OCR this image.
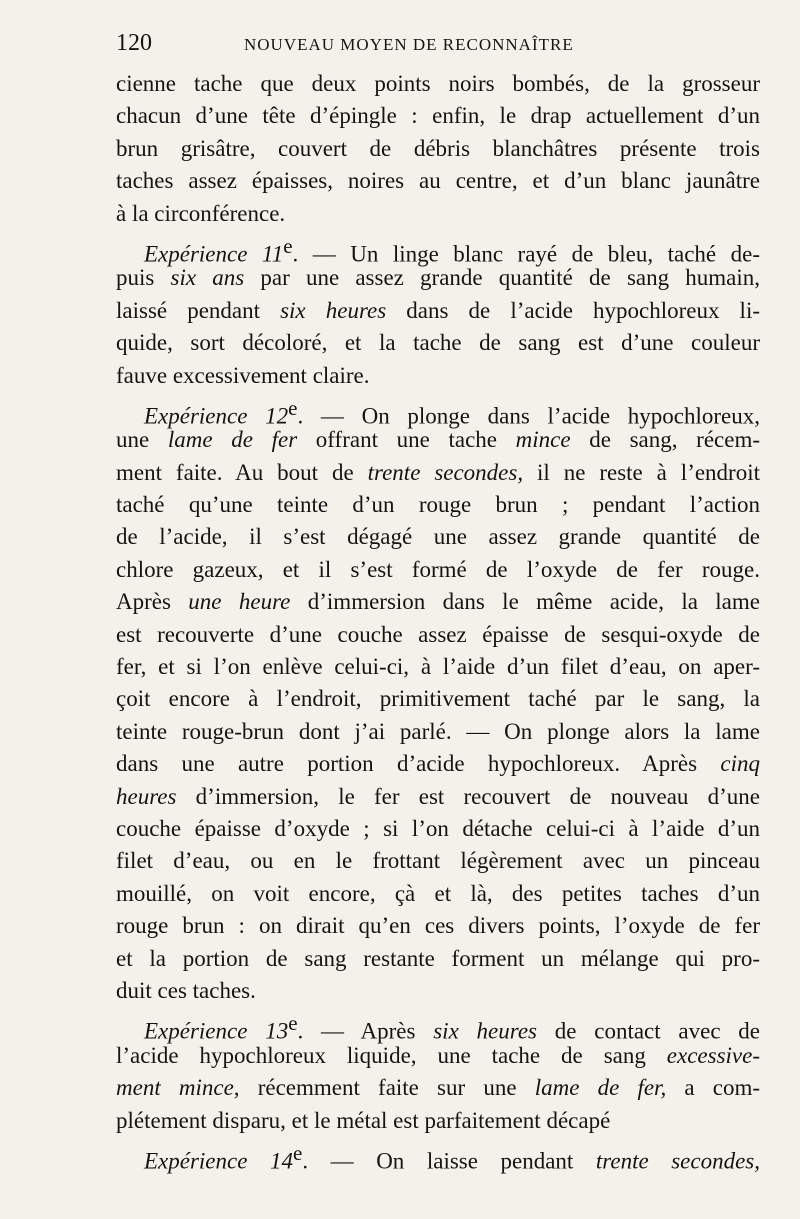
120	NOUVEAU MOYEN DE RECONNAÎTRE
cienne tache que deux points noirs bombés, de la grosseur
chacun d’une tête d’épingle : enfin, le drap actuellement d’un
brun grisâtre, couvert de débris blanchâtres présente trois
taches assez épaisses, noires au centre, et d’un blanc jaunâtre
à la circonférence.
Expérience 11e. — Un linge blanc rayé de bleu, taché de-
puis six ans par une assez grande quantité de sang humain,
laissé pendant six heures dans de l’acide hypochloreux li-
quide, sort décoloré, et la tache de sang est d’une couleur
fauve excessivement claire.
Expérience 12e. — On plonge dans l’acide hypochloreux,
une lame de fer offrant une tache mince de sang, récem-
ment faite. Au bout de trente secondes, il ne reste à l’endroit
taché qu’une teinte d’un rouge brun ; pendant l’action
de l’acide, il s’est dégagé une assez grande quantité de
chlore gazeux, et il s’est formé de l’oxyde de fer rouge.
Après une heure d’immersion dans le même acide, la lame
est recouverte d’une couche assez épaisse de sesqui-oxyde de
fer, et si l’on enlève celui-ci, à l’aide d’un filet d’eau, on aper-
çoit encore à l’endroit, primitivement taché par le sang, la
teinte rouge-brun dont j’ai parlé. — On plonge alors la lame
dans une autre portion d’acide hypochloreux. Après cinq
heures d’immersion, le fer est recouvert de nouveau d’une
couche épaisse d’oxyde ; si l’on détache celui-ci à l’aide d’un
filet d’eau, ou en le frottant légèrement avec un pinceau
mouillé, on voit encore, çà et là, des petites taches d’un
rouge brun : on dirait qu’en ces divers points, l’oxyde de fer
et la portion de sang restante forment un mélange qui pro-
duit ces taches.
Expérience 13e. — Après six heures de contact avec de
l’acide hypochloreux liquide, une tache de sang excessive-
ment mince, récemment faite sur une lame de fer, a com-
plétement disparu, et le métal est parfaitement décapé
Expérience 14e. — On laisse pendant trente secondes,
